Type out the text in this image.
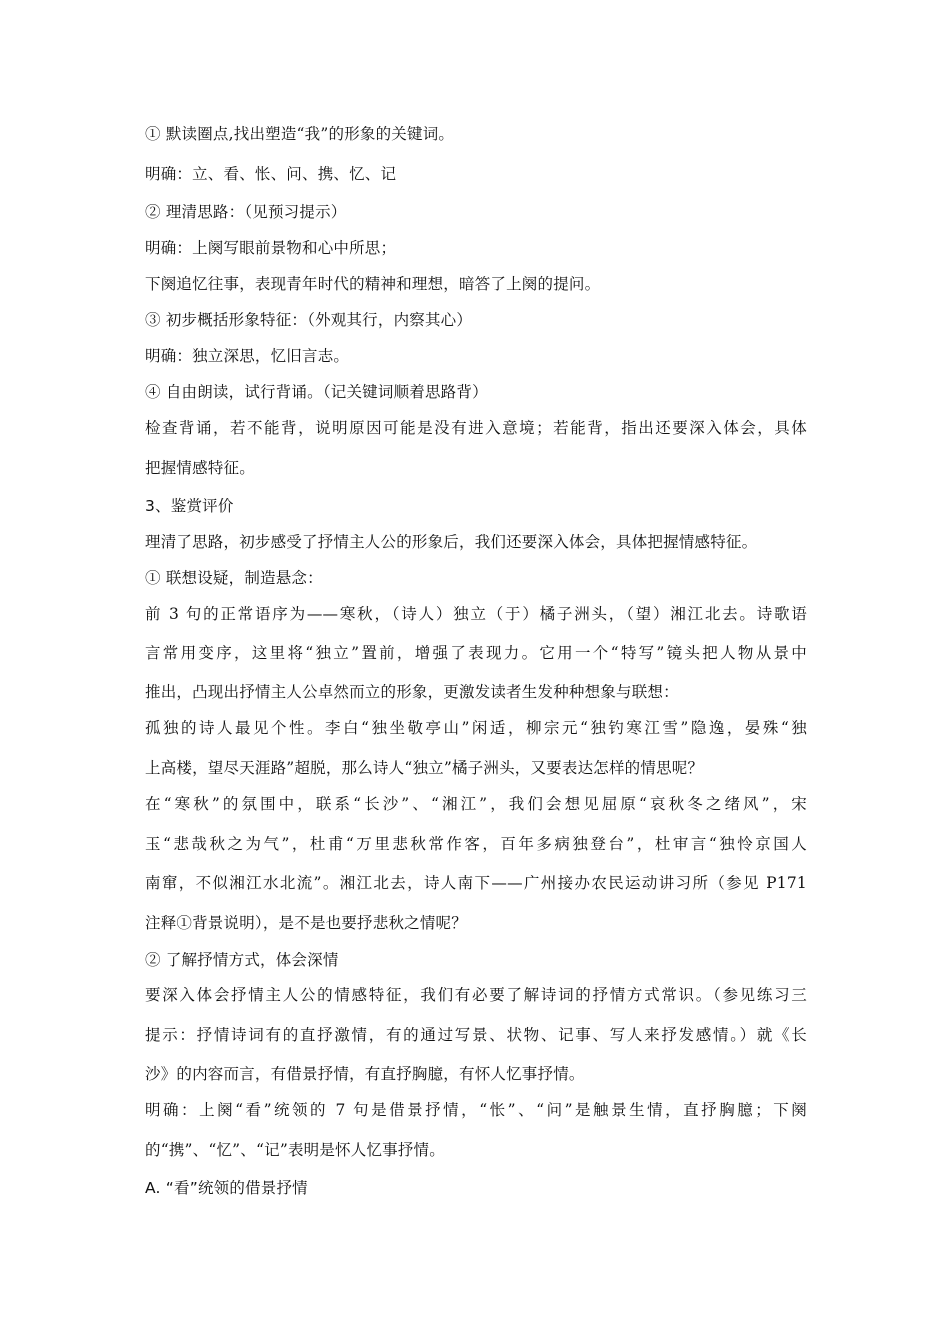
① 默读圈点,找出塑造“我”的形象的关键词。
明确：立、看、怅、问、携、忆、记
② 理清思路：（见预习提示）
明确：上阕写眼前景物和心中所思；
下阕追忆往事，表现青年时代的精神和理想，暗答了上阕的提问。
③ 初步概括形象特征：（外观其行，内察其心）
明确：独立深思，忆旧言志。
④ 自由朗读，试行背诵。（记关键词顺着思路背）
检查背诵，若不能背，说明原因可能是没有进入意境；若能背，指出还要深入体会，具体
把握情感特征。
3、鉴赏评价
理清了思路，初步感受了抒情主人公的形象后，我们还要深入体会，具体把握情感特征。
① 联想设疑，制造悬念：
前 3 句的正常语序为——寒秋，（诗人）独立（于）橘子洲头，（望）湘江北去。诗歌语
言常用变序，这里将“独立”置前，增强了表现力。它用一个“特写”镜头把人物从景中
推出，凸现出抒情主人公卓然而立的形象，更激发读者生发种种想象与联想：
孤独的诗人最见个性。李白“独坐敬亭山”闲适，柳宗元“独钓寒江雪”隐逸，晏殊“独
上高楼，望尽天涯路”超脱，那么诗人“独立”橘子洲头，又要表达怎样的情思呢？
在“寒秋”的氛围中，联系“长沙”、“湘江”，我们会想见屈原“哀秋冬之绪风”，宋
玉“悲哉秋之为气”，杜甫“万里悲秋常作客，百年多病独登台”，杜审言“独怜京国人
南窜，不似湘江水北流”。湘江北去，诗人南下——广州接办农民运动讲习所（参见 P171
注释①背景说明），是不是也要抒悲秋之情呢？
② 了解抒情方式，体会深情
要深入体会抒情主人公的情感特征，我们有必要了解诗词的抒情方式常识。（参见练习三
提示：抒情诗词有的直抒激情，有的通过写景、状物、记事、写人来抒发感情。）就《长
沙》的内容而言，有借景抒情，有直抒胸臆，有怀人忆事抒情。
明确：上阕“看”统领的 7 句是借景抒情，“怅”、“问”是触景生情，直抒胸臆；下阕
的“携”、“忆”、“记”表明是怀人忆事抒情。
A. “看”统领的借景抒情
